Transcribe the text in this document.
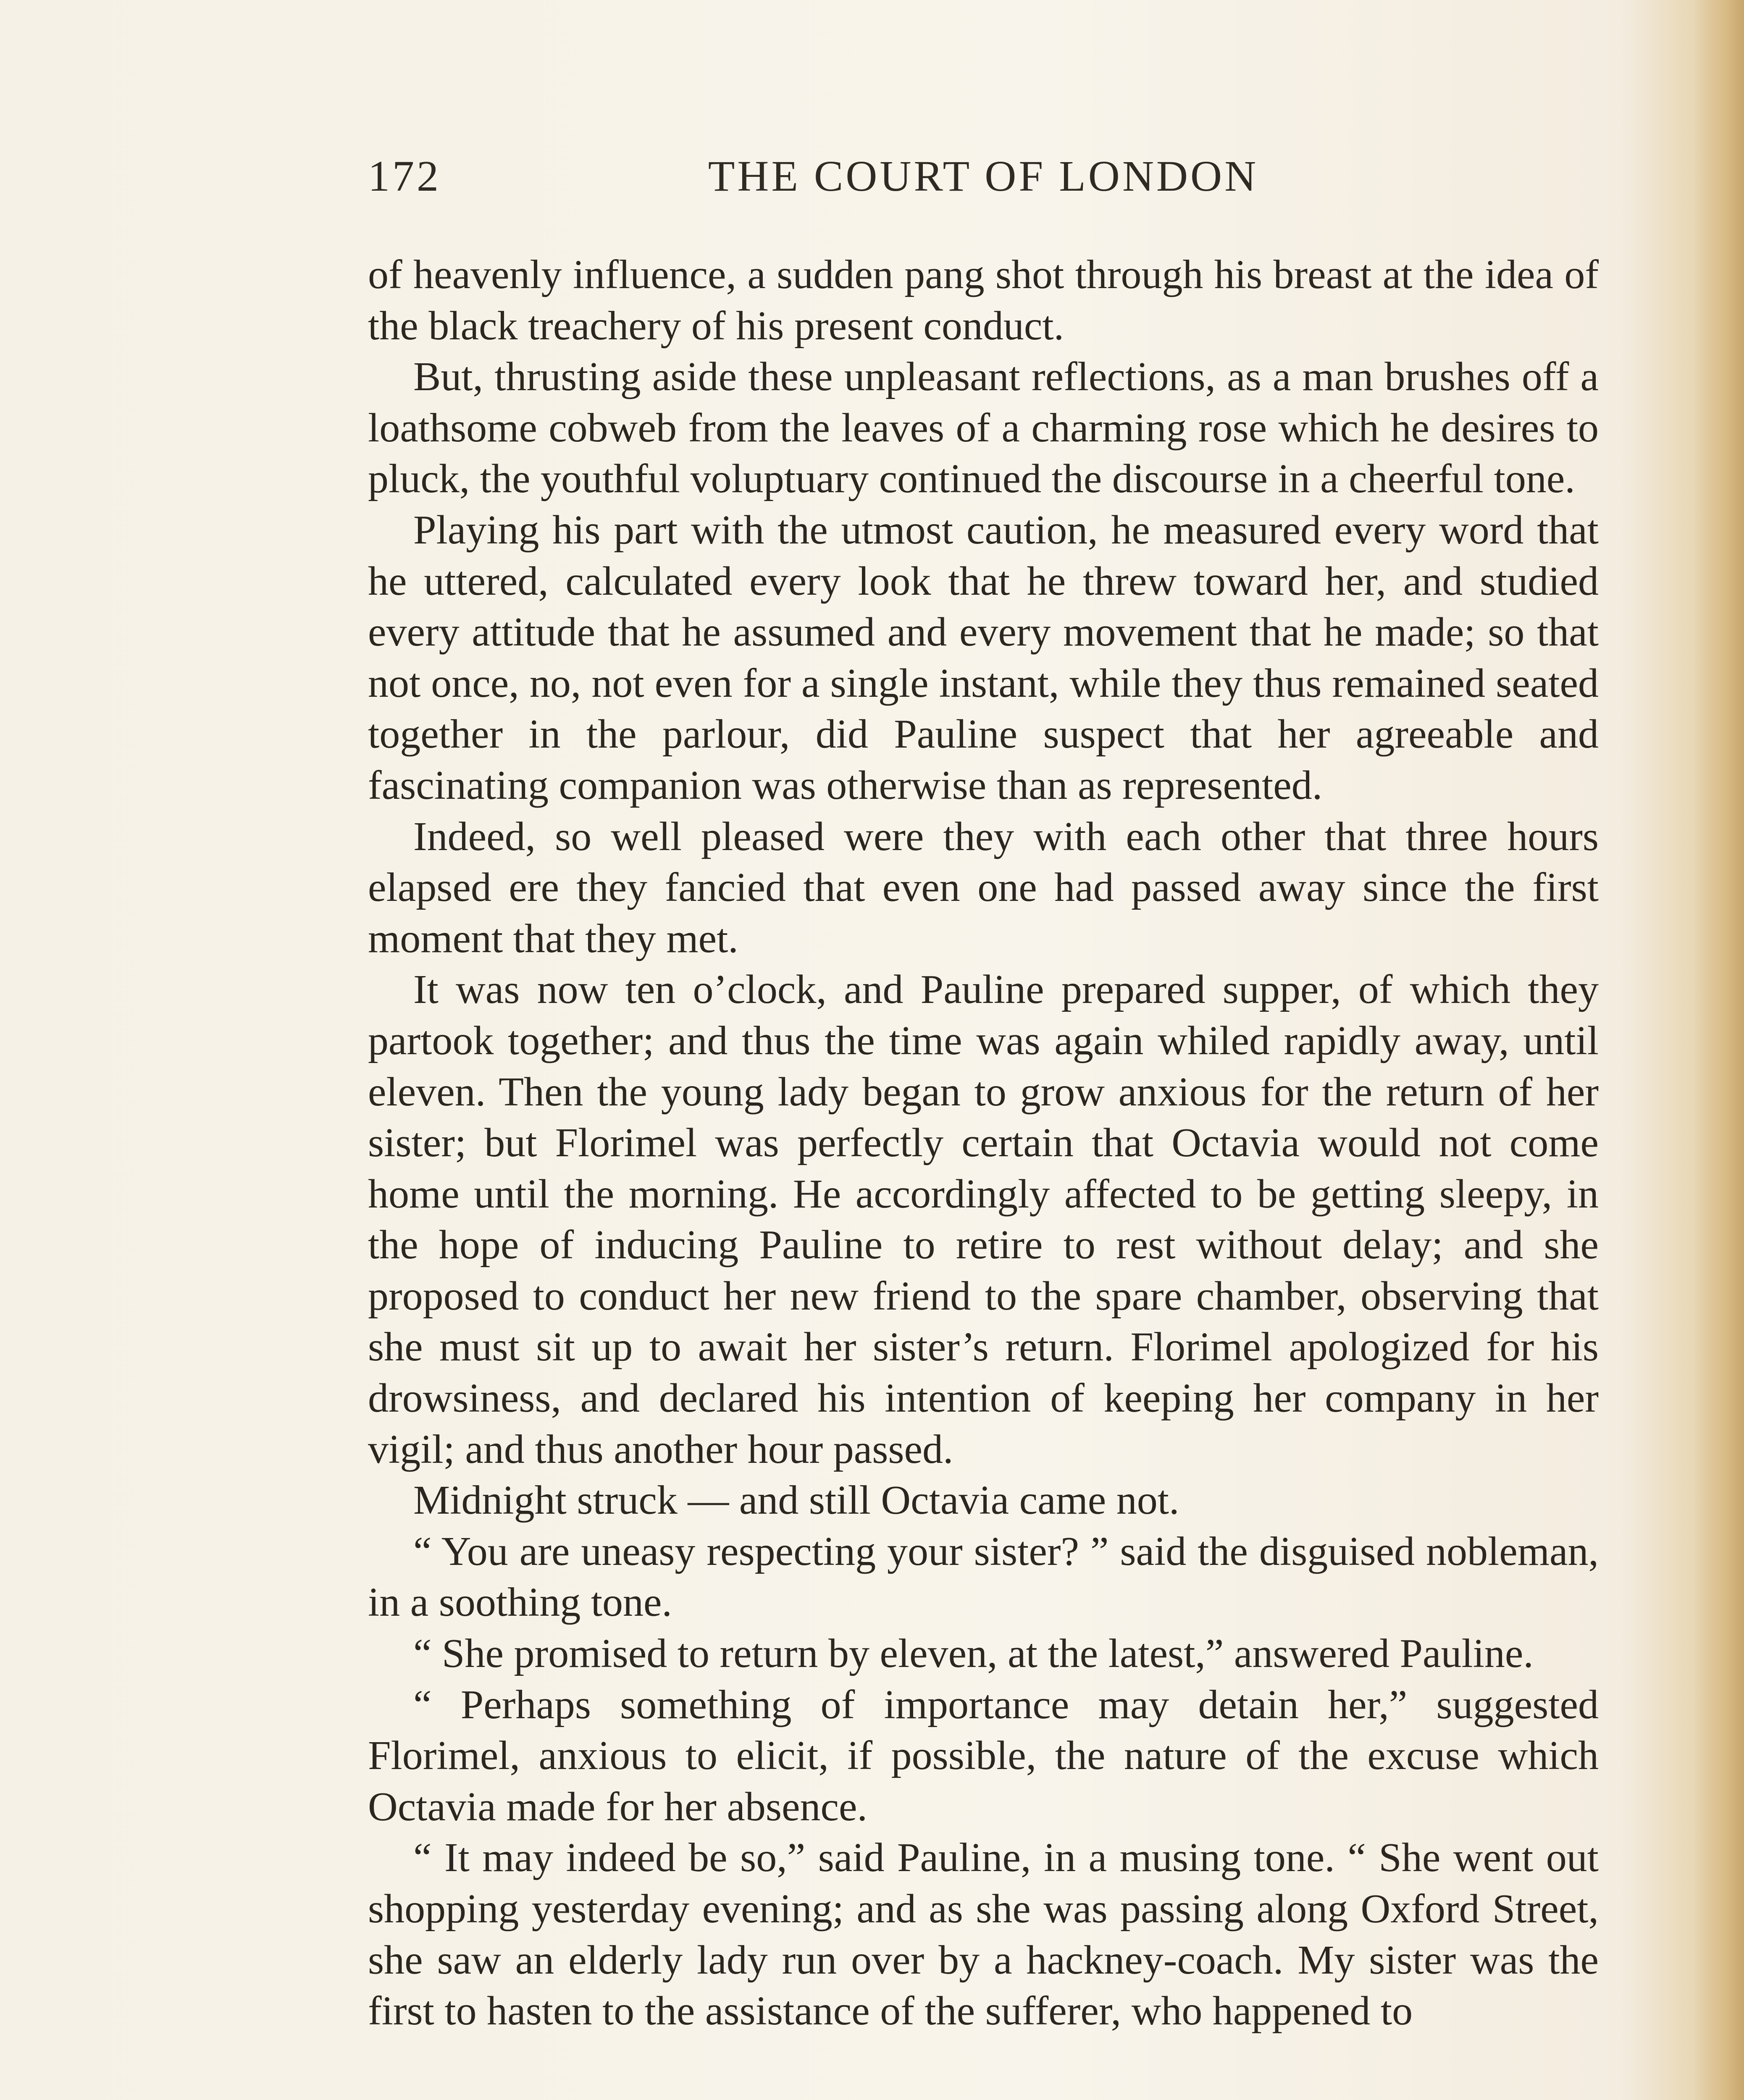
172	THE COURT OF LONDON

of heavenly influence, a sudden pang shot through his breast at the idea of the black treachery of his present conduct.

But, thrusting aside these unpleasant reflections, as a man brushes off a loathsome cobweb from the leaves of a charming rose which he desires to pluck, the youthful voluptuary continued the discourse in a cheerful tone.

Playing his part with the utmost caution, he measured every word that he uttered, calculated every look that he threw toward her, and studied every attitude that he assumed and every movement that he made; so that not once, no, not even for a single instant, while they thus remained seated together in the parlour, did Pauline suspect that her agreeable and fascinating companion was otherwise than as represented.

Indeed, so well pleased were they with each other that three hours elapsed ere they fancied that even one had passed away since the first moment that they met.

It was now ten o’clock, and Pauline prepared supper, of which they partook together; and thus the time was again whiled rapidly away, until eleven. Then the young lady began to grow anxious for the return of her sister; but Florimel was perfectly certain that Octavia would not come home until the morning. He accordingly affected to be getting sleepy, in the hope of inducing Pauline to retire to rest without delay; and she proposed to conduct her new friend to the spare chamber, observing that she must sit up to await her sister’s return. Florimel apologized for his drowsiness, and declared his intention of keeping her company in her vigil; and thus another hour passed.

Midnight struck — and still Octavia came not.

“ You are uneasy respecting your sister? ” said the disguised nobleman, in a soothing tone.

“ She promised to return by eleven, at the latest,” answered Pauline.

“ Perhaps something of importance may detain her,” suggested Florimel, anxious to elicit, if possible, the nature of the excuse which Octavia made for her absence.

“ It may indeed be so,” said Pauline, in a musing tone. “ She went out shopping yesterday evening; and as she was passing along Oxford Street, she saw an elderly lady run over by a hackney-coach. My sister was the first to hasten to the assistance of the sufferer, who happened to
